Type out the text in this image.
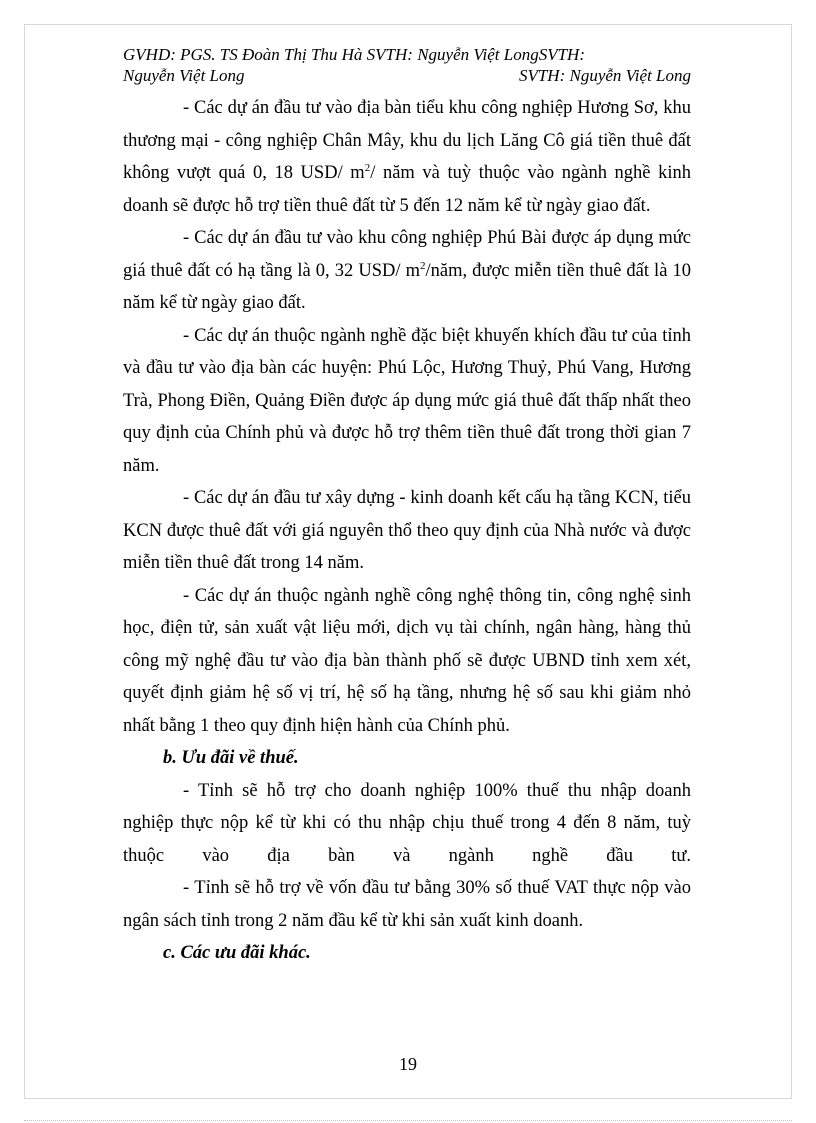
GVHD: PGS. TS Đoàn Thị Thu Hà SVTH: Nguyễn Việt LongSVTH:
Nguyễn Việt Long	SVTH: Nguyễn Việt Long

- Các dự án đầu tư vào địa bàn tiểu khu công nghiệp Hương Sơ, khu thương mại - công nghiệp Chân Mây, khu du lịch Lăng Cô giá tiền thuê đất không vượt quá 0, 18 USD/ $m^2/$ năm và tuỳ thuộc vào ngành nghề kinh doanh sẽ được hỗ trợ tiền thuê đất từ 5 đến 12 năm kể từ ngày giao đất.

- Các dự án đầu tư vào khu công nghiệp Phú Bài được áp dụng mức giá thuê đất có hạ tầng là 0, 32 USD/ $m^2$/năm, được miễn tiền thuê đất là 10 năm kể từ ngày giao đất.

- Các dự án thuộc ngành nghề đặc biệt khuyến khích đầu tư của tỉnh và đầu tư vào địa bàn các huyện: Phú Lộc, Hương Thuỷ, Phú Vang, Hương Trà, Phong Điền, Quảng Điền được áp dụng mức giá thuê đất thấp nhất theo quy định của Chính phủ và được hỗ trợ thêm tiền thuê đất trong thời gian 7 năm.

- Các dự án đầu tư xây dựng - kinh doanh kết cấu hạ tầng KCN, tiểu KCN được thuê đất với giá nguyên thổ theo quy định của Nhà nước và được miễn tiền thuê đất trong 14 năm.

- Các dự án thuộc ngành nghề công nghệ thông tin, công nghệ sinh học, điện tử, sản xuất vật liệu mới, dịch vụ tài chính, ngân hàng, hàng thủ công mỹ nghệ đầu tư vào địa bàn thành phố sẽ được UBND tỉnh xem xét, quyết định giảm hệ số vị trí, hệ số hạ tầng, nhưng hệ số sau khi giảm nhỏ nhất bằng 1 theo quy định hiện hành của Chính phủ.

b. Ưu đãi về thuế.

- Tỉnh sẽ hỗ trợ cho doanh nghiệp 100% thuế thu nhập doanh nghiệp thực nộp kể từ khi có thu nhập chịu thuế trong 4 đến 8 năm, tuỳ thuộc vào địa bàn và ngành nghề đầu tư.

- Tỉnh sẽ hỗ trợ về vốn đầu tư bằng 30% số thuế VAT thực nộp vào ngân sách tỉnh trong 2 năm đầu kể từ khi sản xuất kinh doanh.

c. Các ưu đãi khác.

19
